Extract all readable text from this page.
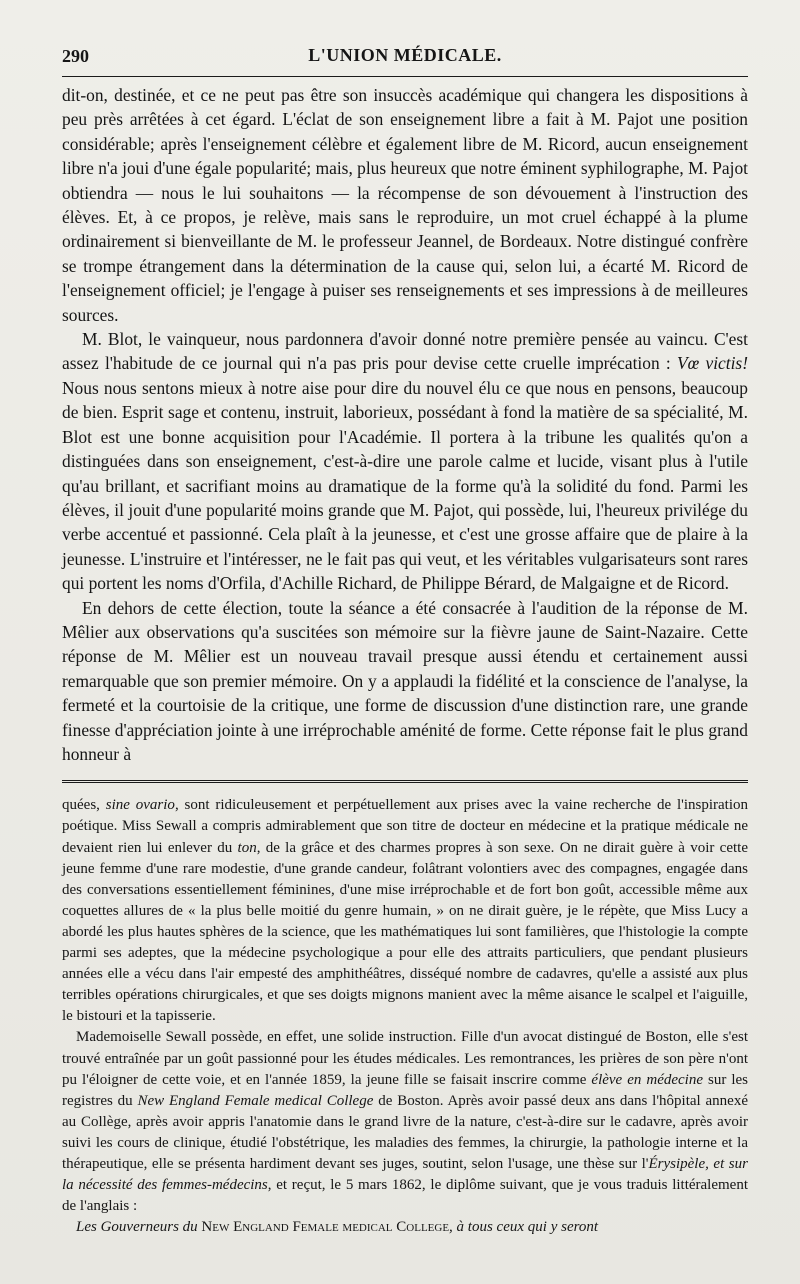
290	L'UNION MÉDICALE.

dit-on, destinée, et ce ne peut pas être son insuccès académique qui changera les dispositions à peu près arrêtées à cet égard. L'éclat de son enseignement libre a fait à M. Pajot une position considérable; après l'enseignement célèbre et également libre de M. Ricord, aucun enseignement libre n'a joui d'une égale popularité; mais, plus heureux que notre éminent syphilographe, M. Pajot obtiendra — nous le lui souhaitons — la récompense de son dévouement à l'instruction des élèves. Et, à ce propos, je relève, mais sans le reproduire, un mot cruel échappé à la plume ordinairement si bienveillante de M. le professeur Jeannel, de Bordeaux. Notre distingué confrère se trompe étrangement dans la détermination de la cause qui, selon lui, a écarté M. Ricord de l'enseignement officiel; je l'engage à puiser ses renseignements et ses impressions à de meilleures sources.

M. Blot, le vainqueur, nous pardonnera d'avoir donné notre première pensée au vaincu. C'est assez l'habitude de ce journal qui n'a pas pris pour devise cette cruelle imprécation : Vœ victis! Nous nous sentons mieux à notre aise pour dire du nouvel élu ce que nous en pensons, beaucoup de bien. Esprit sage et contenu, instruit, laborieux, possédant à fond la matière de sa spécialité, M. Blot est une bonne acquisition pour l'Académie. Il portera à la tribune les qualités qu'on a distinguées dans son enseignement, c'est-à-dire une parole calme et lucide, visant plus à l'utile qu'au brillant, et sacrifiant moins au dramatique de la forme qu'à la solidité du fond. Parmi les élèves, il jouit d'une popularité moins grande que M. Pajot, qui possède, lui, l'heureux privilége du verbe accentué et passionné. Cela plaît à la jeunesse, et c'est une grosse affaire que de plaire à la jeunesse. L'instruire et l'intéresser, ne le fait pas qui veut, et les véritables vulgarisateurs sont rares qui portent les noms d'Orfila, d'Achille Richard, de Philippe Bérard, de Malgaigne et de Ricord.

En dehors de cette élection, toute la séance a été consacrée à l'audition de la réponse de M. Mêlier aux observations qu'a suscitées son mémoire sur la fièvre jaune de Saint-Nazaire. Cette réponse de M. Mêlier est un nouveau travail presque aussi étendu et certainement aussi remarquable que son premier mémoire. On y a applaudi la fidélité et la conscience de l'analyse, la fermeté et la courtoisie de la critique, une forme de discussion d'une distinction rare, une grande finesse d'appréciation jointe à une irréprochable aménité de forme. Cette réponse fait le plus grand honneur à

quées, sine ovario, sont ridiculeusement et perpétuellement aux prises avec la vaine recherche de l'inspiration poétique. Miss Sewall a compris admirablement que son titre de docteur en médecine et la pratique médicale ne devaient rien lui enlever du ton, de la grâce et des charmes propres à son sexe. On ne dirait guère à voir cette jeune femme d'une rare modestie, d'une grande candeur, folâtrant volontiers avec des compagnes, engagée dans des conversations essentiellement féminines, d'une mise irréprochable et de fort bon goût, accessible même aux coquettes allures de « la plus belle moitié du genre humain, » on ne dirait guère, je le répète, que Miss Lucy a abordé les plus hautes sphères de la science, que les mathématiques lui sont familières, que l'histologie la compte parmi ses adeptes, que la médecine psychologique a pour elle des attraits particuliers, que pendant plusieurs années elle a vécu dans l'air empesté des amphithéâtres, disséqué nombre de cadavres, qu'elle a assisté aux plus terribles opérations chirurgicales, et que ses doigts mignons manient avec la même aisance le scalpel et l'aiguille, le bistouri et la tapisserie.

Mademoiselle Sewall possède, en effet, une solide instruction. Fille d'un avocat distingué de Boston, elle s'est trouvé entraînée par un goût passionné pour les études médicales. Les remontrances, les prières de son père n'ont pu l'éloigner de cette voie, et en l'année 1859, la jeune fille se faisait inscrire comme élève en médecine sur les registres du New England Female medical College de Boston. Après avoir passé deux ans dans l'hôpital annexé au Collège, après avoir appris l'anatomie dans le grand livre de la nature, c'est-à-dire sur le cadavre, après avoir suivi les cours de clinique, étudié l'obstétrique, les maladies des femmes, la chirurgie, la pathologie interne et la thérapeutique, elle se présenta hardiment devant ses juges, soutint, selon l'usage, une thèse sur l'Érysipèle, et sur la nécessité des femmes-médecins, et reçut, le 5 mars 1862, le diplôme suivant, que je vous traduis littéralement de l'anglais :

Les Gouverneurs du New England Female medical College, à tous ceux qui y seront
